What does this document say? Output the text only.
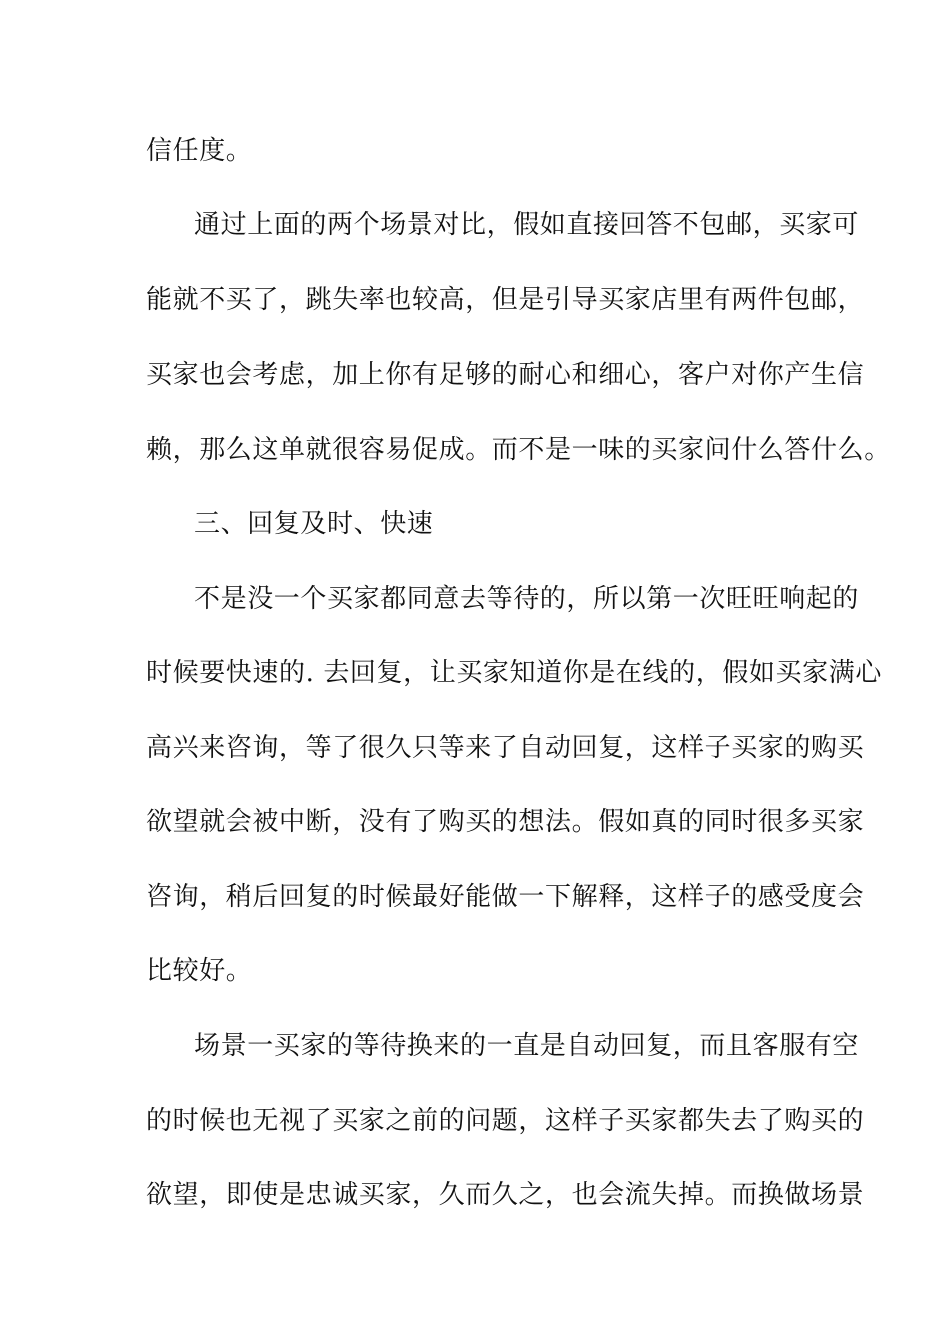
信任度。
通过上面的两个场景对比，假如直接回答不包邮，买家可
能就不买了，跳失率也较高，但是引导买家店里有两件包邮，
买家也会考虑，加上你有足够的耐心和细心，客户对你产生信
赖，那么这单就很容易促成。而不是一味的买家问什么答什么。
三、回复及时、快速
不是没一个买家都同意去等待的，所以第一次旺旺响起的
时候要快速的. 去回复，让买家知道你是在线的，假如买家满心
高兴来咨询，等了很久只等来了自动回复，这样子买家的购买
欲望就会被中断，没有了购买的想法。假如真的同时很多买家
咨询，稍后回复的时候最好能做一下解释，这样子的感受度会
比较好。
场景一买家的等待换来的一直是自动回复，而且客服有空
的时候也无视了买家之前的问题，这样子买家都失去了购买的
欲望，即使是忠诚买家，久而久之，也会流失掉。而换做场景
